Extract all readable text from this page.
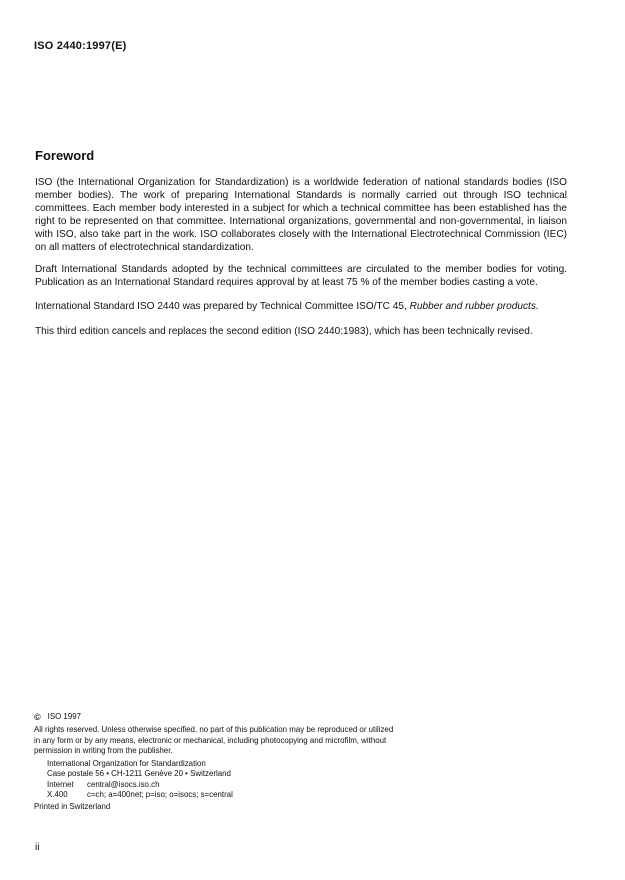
ISO 2440:1997(E)
Foreword

ISO (the International Organization for Standardization) is a worldwide federation of national standards bodies (ISO member bodies). The work of preparing International Standards is normally carried out through ISO technical committees. Each member body interested in a subject for which a technical committee has been established has the right to be represented on that committee. International organizations, governmental and non-governmental, in liaison with ISO, also take part in the work. ISO collaborates closely with the International Electrotechnical Commission (IEC) on all matters of electrotechnical standardization.

Draft International Standards adopted by the technical committees are circulated to the member bodies for voting. Publication as an International Standard requires approval by at least 75 % of the member bodies casting a vote.

International Standard ISO 2440 was prepared by Technical Committee ISO/TC 45, Rubber and rubber products.

This third edition cancels and replaces the second edition (ISO 2440:1983), which has been technically revised.

© ISO 1997

All rights reserved. Unless otherwise specified, no part of this publication may be reproduced or utilized in any form or by any means, electronic or mechanical, including photocopying and microfilm, without permission in writing from the publisher.

International Organization for Standardization
Case postale 56 • CH-1211 Genève 20 • Switzerland
Internet	central@isocs.iso.ch
X.400	c=ch; a=400net; p=iso; o=isocs; s=central

Printed in Switzerland

ii
